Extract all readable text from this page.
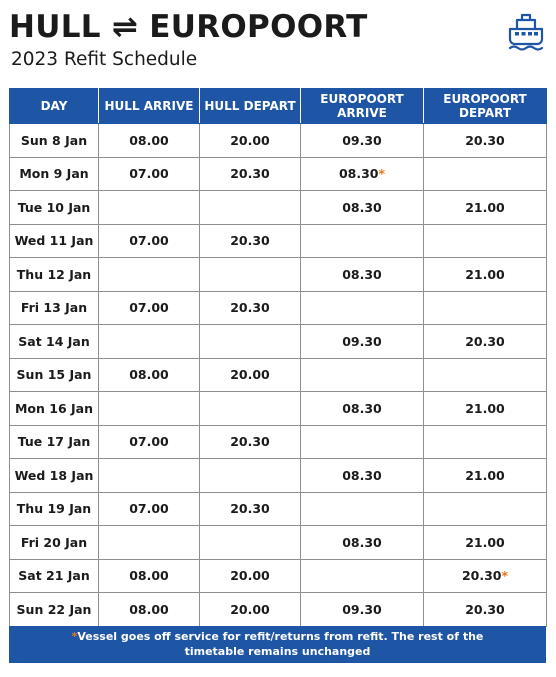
HULL ⇌ EUROPOORT
2023 Refit Schedule
DAY	HULL ARRIVE	HULL DEPART	EUROPOORT ARRIVE	EUROPOORT DEPART
Sun 8 Jan	08.00	20.00	09.30	20.30
Mon 9 Jan	07.00	20.30	08.30*	
Tue 10 Jan			08.30	21.00
Wed 11 Jan	07.00	20.30		
Thu 12 Jan			08.30	21.00
Fri 13 Jan	07.00	20.30		
Sat 14 Jan			09.30	20.30
Sun 15 Jan	08.00	20.00		
Mon 16 Jan			08.30	21.00
Tue 17 Jan	07.00	20.30		
Wed 18 Jan			08.30	21.00
Thu 19 Jan	07.00	20.30		
Fri 20 Jan			08.30	21.00
Sat 21 Jan	08.00	20.00		20.30*
Sun 22 Jan	08.00	20.00	09.30	20.30
*Vessel goes off service for refit/returns from refit. The rest of the timetable remains unchanged
